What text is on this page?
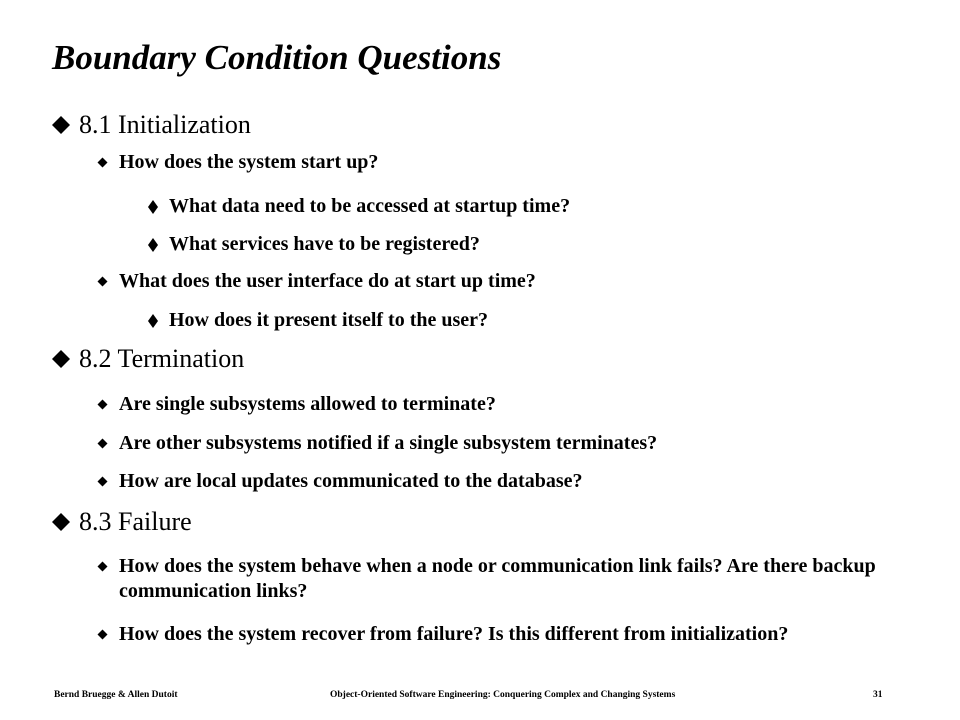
Boundary Condition Questions
8.1 Initialization
How does the system start up?
What data need to be accessed at startup time?
What services have to be registered?
What does the user interface do at start up time?
How does it present itself to the user?
8.2 Termination
Are single subsystems allowed to terminate?
Are other subsystems notified if a single subsystem terminates?
How are local updates communicated to the database?
8.3 Failure
How does the system behave when a node or communication link fails? Are there backup communication links?
How does the system recover from failure? Is this different from initialization?
Bernd Bruegge & Allen Dutoit	Object-Oriented Software Engineering: Conquering Complex and Changing Systems	31
